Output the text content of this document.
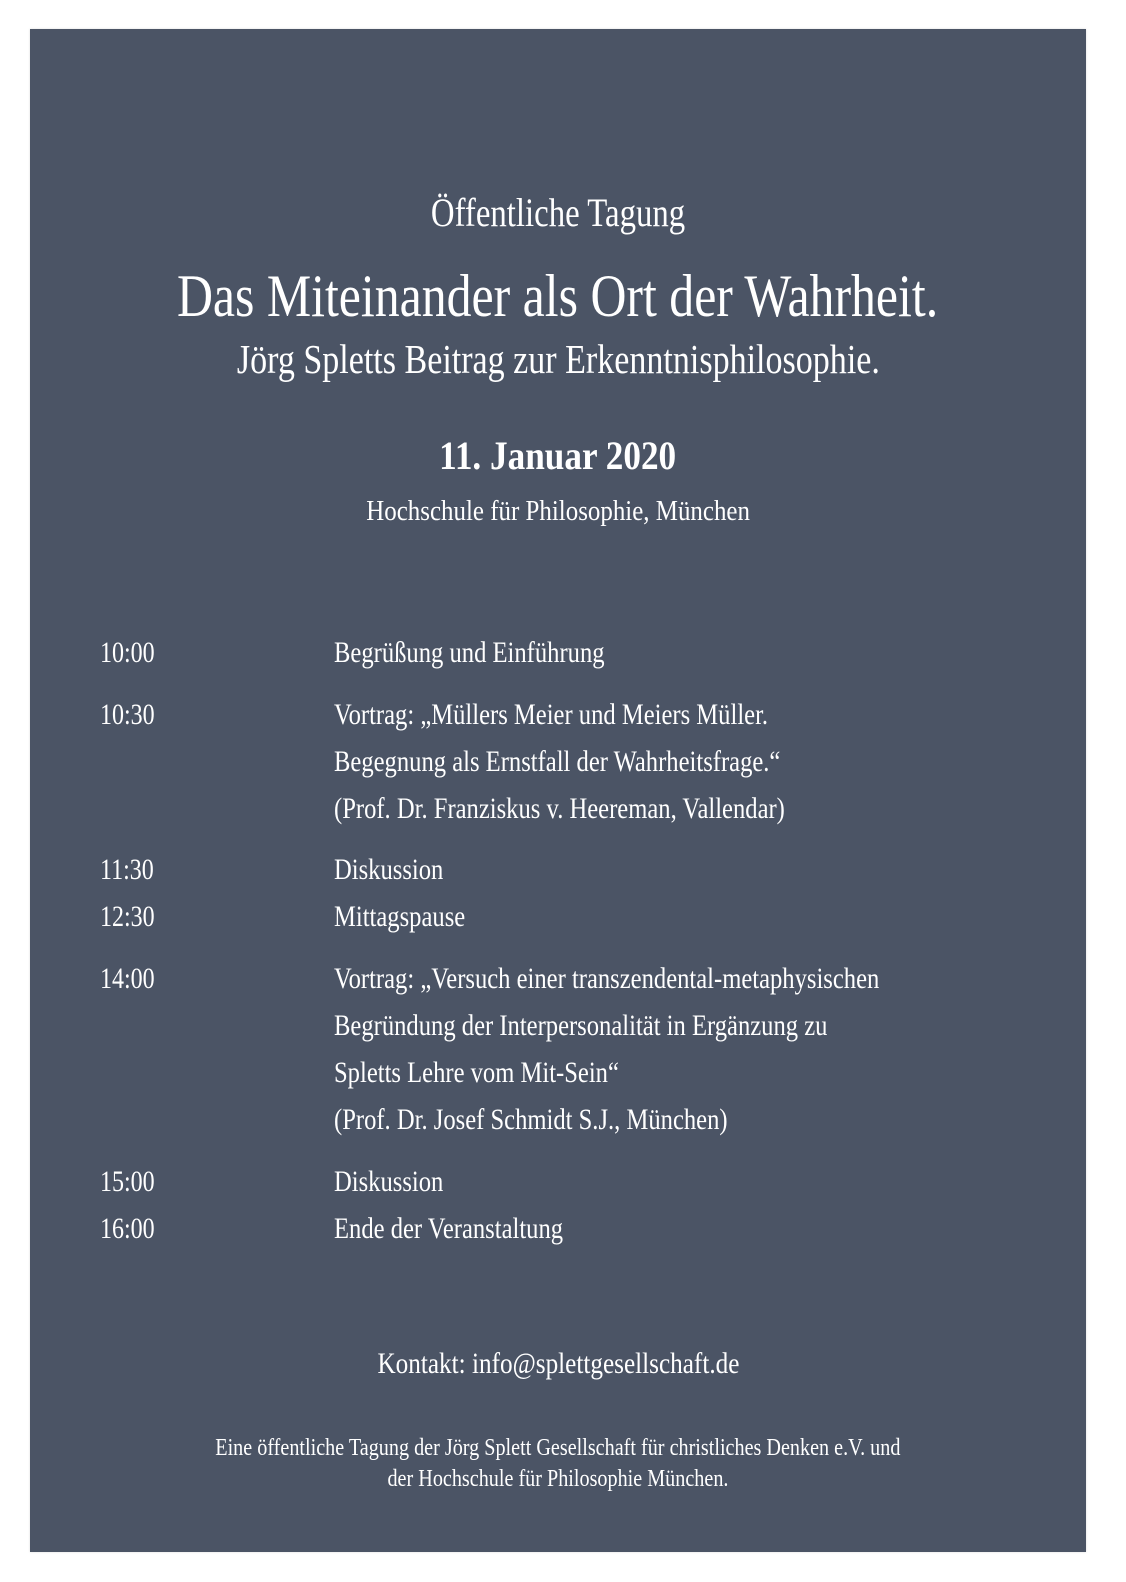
Öffentliche Tagung
Das Miteinander als Ort der Wahrheit.
Jörg Spletts Beitrag zur Erkenntnisphilosophie.
11. Januar 2020
Hochschule für Philosophie, München
10:00	Begrüßung und Einführung
10:30	Vortrag: „Müllers Meier und Meiers Müller.
Begegnung als Ernstfall der Wahrheitsfrage.“
(Prof. Dr. Franziskus v. Heereman, Vallendar)
11:30	Diskussion
12:30	Mittagspause
14:00	Vortrag: „Versuch einer transzendental-metaphysischen
Begründung der Interpersonalität in Ergänzung zu
Spletts Lehre vom Mit-Sein“
(Prof. Dr. Josef Schmidt S.J., München)
15:00	Diskussion
16:00	Ende der Veranstaltung
Kontakt: info@splettgesellschaft.de
Eine öffentliche Tagung der Jörg Splett Gesellschaft für christliches Denken e.V. und
der Hochschule für Philosophie München.
